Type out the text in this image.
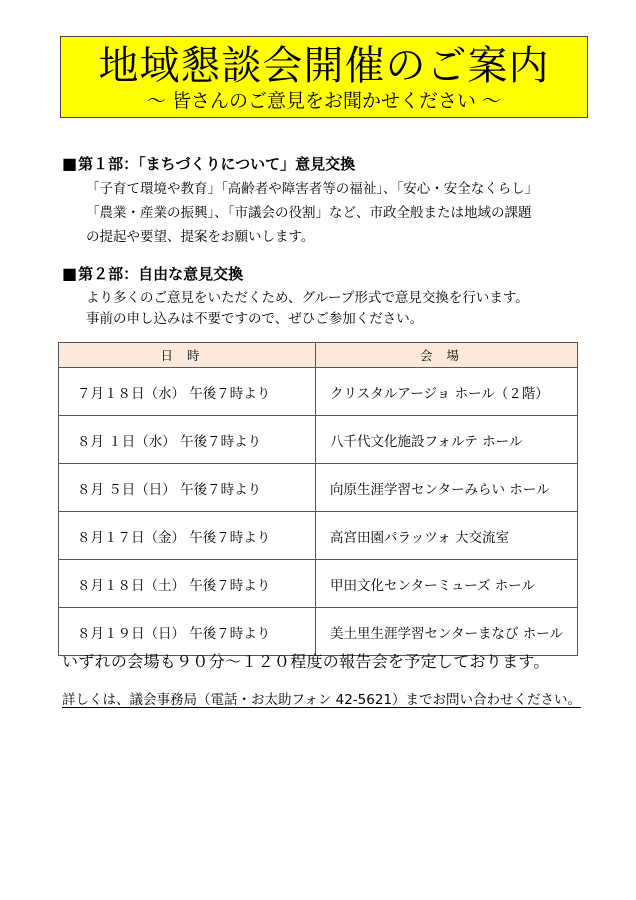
地域懇談会開催のご案内
～ 皆さんのご意見をお聞かせください ～
■第１部：「まちづくりについて」意見交換
「子育て環境や教育」「高齢者や障害者等の福祉」、「安心・安全なくらし」
「農業・産業の振興」、「市議会の役割」など、市政全般または地域の課題
の提起や要望、提案をお願いします。
■第２部：自由な意見交換
より多くのご意見をいただくため、グループ形式で意見交換を行います。
事前の申し込みは不要ですので、ぜひご参加ください。
日時	会場
７月１８日（水） 午後７時より	クリスタルアージョ ホール（２階）
８月 １日（水） 午後７時より	八千代文化施設フォルテ ホール
８月 ５日（日） 午後７時より	向原生涯学習センターみらい ホール
８月１７日（金） 午後７時より	高宮田園パラッツォ 大交流室
８月１８日（土） 午後７時より	甲田文化センターミューズ ホール
８月１９日（日） 午後７時より	美土里生涯学習センターまなび ホール
いずれの会場も９０分～１２０程度の報告会を予定しております。
詳しくは、議会事務局（電話・お太助フォン 42-5621）までお問い合わせください。
